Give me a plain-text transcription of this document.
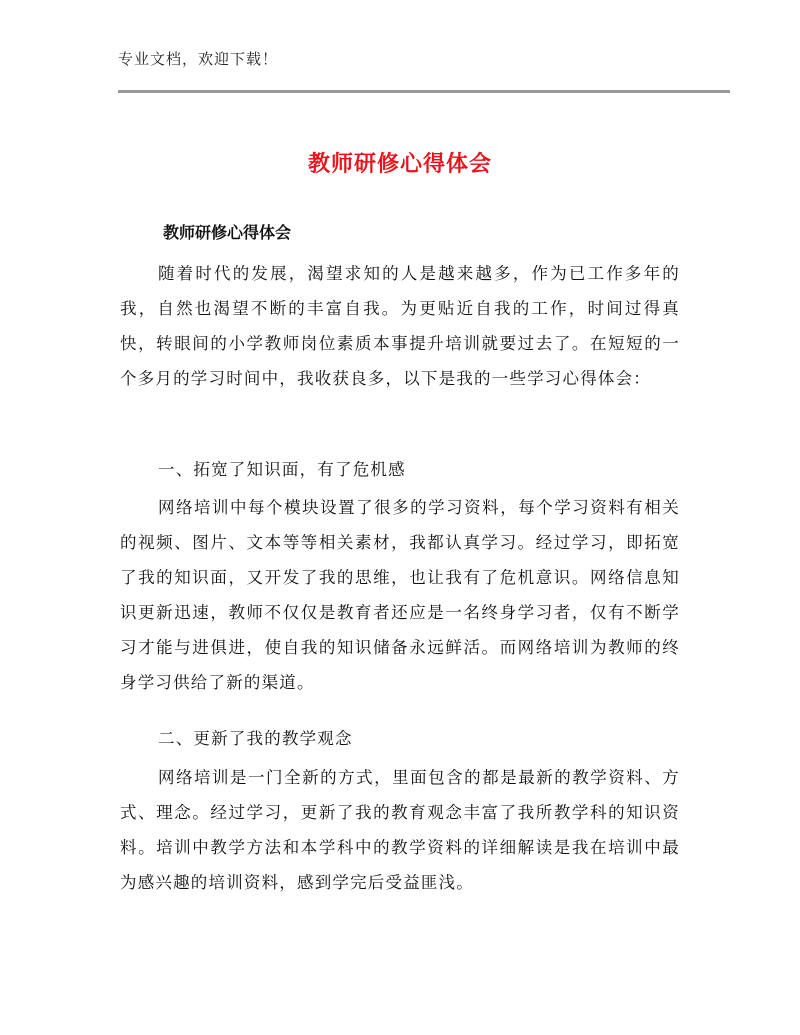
专业文档，欢迎下载！
教师研修心得体会
教师研修心得体会
随着时代的发展，渴望求知的人是越来越多，作为已工作多年的我，自然也渴望不断的丰富自我。为更贴近自我的工作，时间过得真快，转眼间的小学教师岗位素质本事提升培训就要过去了。在短短的一个多月的学习时间中，我收获良多，以下是我的一些学习心得体会：
一、拓宽了知识面，有了危机感
网络培训中每个模块设置了很多的学习资料，每个学习资料有相关的视频、图片、文本等等相关素材，我都认真学习。经过学习，即拓宽了我的知识面，又开发了我的思维，也让我有了危机意识。网络信息知识更新迅速，教师不仅仅是教育者还应是一名终身学习者，仅有不断学习才能与进俱进，使自我的知识储备永远鲜活。而网络培训为教师的终身学习供给了新的渠道。
二、更新了我的教学观念
网络培训是一门全新的方式，里面包含的都是最新的教学资料、方式、理念。经过学习，更新了我的教育观念丰富了我所教学科的知识资料。培训中教学方法和本学科中的教学资料的详细解读是我在培训中最为感兴趣的培训资料，感到学完后受益匪浅。
